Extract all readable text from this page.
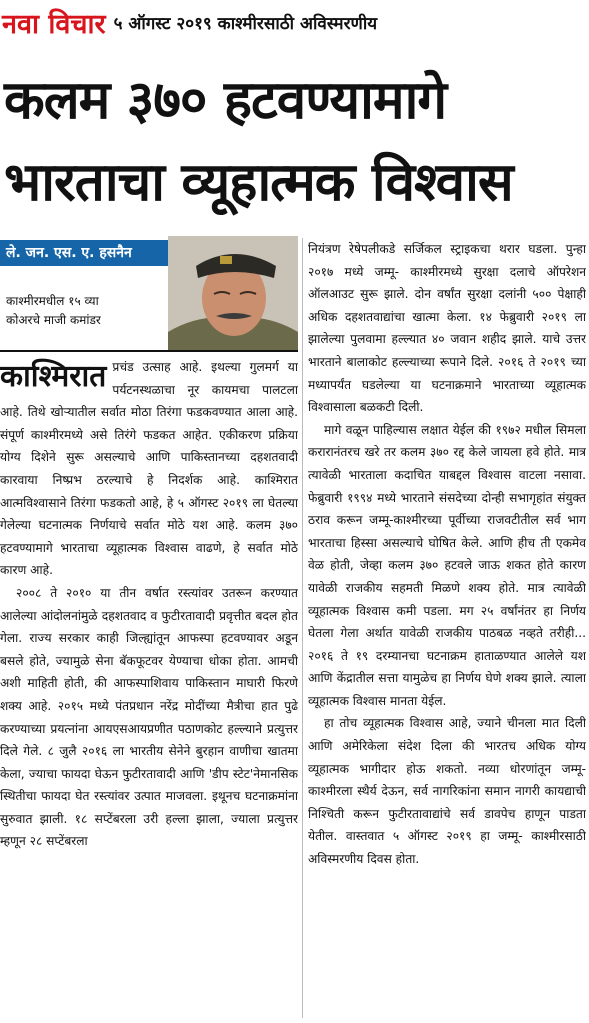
नवा विचार ५ ऑगस्ट २०१९ काश्मीरसाठी अविस्मरणीय
कलम ३७० हटवण्यामागे
भारताचा व्यूहात्मक विश्वास
ले. जन. एस. ए. हसनैन
काश्मीरमधील १५ व्या
कोअरचे माजी कमांडर

काश्मिरात प्रचंड उत्साह आहे. इथल्या गुलमर्ग या पर्यटनस्थळाचा नूर कायमचा पालटला आहे. तिथे खोऱ्यातील सर्वात मोठा तिरंगा फडकवण्यात आला आहे. संपूर्ण काश्मीरमध्ये असे तिरंगे फडकत आहेत. एकीकरण प्रक्रिया योग्य दिशेने सुरू असल्याचे आणि पाकिस्तानच्या दहशतवादी कारवाया निष्प्रभ ठरल्याचे हे निदर्शक आहे. काश्मिरात आत्मविश्वासाने तिरंगा फडकतो आहे, हे ५ ऑगस्ट २०१९ ला घेतल्या गेलेल्या घटनात्मक निर्णयाचे सर्वात मोठे यश आहे. कलम ३७० हटवण्यामागे भारताचा व्यूहात्मक विश्वास वाढणे, हे सर्वात मोठे कारण आहे.

२००८ ते २०१० या तीन वर्षात रस्त्यांवर उतरून करण्यात आलेल्या आंदोलनांमुळे दहशतवाद व फुटीरतावादी प्रवृत्तीत बदल होत गेला. राज्य सरकार काही जिल्ह्यांतून आफस्पा हटवण्यावर अडून बसले होते, ज्यामुळे सेना बॅकफूटवर येण्याचा धोका होता. आमची अशी माहिती होती, की आफस्पाशिवाय पाकिस्तान माघारी फिरणे शक्य आहे. २०१५ मध्ये पंतप्रधान नरेंद्र मोदींच्या मैत्रीचा हात पुढे करण्याच्या प्रयत्नांना आयएसआयप्रणीत पठाणकोट हल्ल्याने प्रत्युत्तर दिले गेले. ८ जुलै २०१६ ला भारतीय सेनेने बुरहान वाणीचा खातमा केला, ज्याचा फायदा घेऊन फुटीरतावादी आणि 'डीप स्टेट'नेमानसिक स्थितीचा फायदा घेत रस्त्यांवर उत्पात माजवला. इथूनच घटनाक्रमांना सुरुवात झाली. १८ सप्टेंबरला उरी हल्ला झाला, ज्याला प्रत्युत्तर म्हणून २८ सप्टेंबरला

नियंत्रण रेषेपलीकडे सर्जिकल स्ट्राइकचा थरार घडला. पुन्हा २०१७ मध्ये जम्मू- काश्मीरमध्ये सुरक्षा दलाचे ऑपरेशन ऑलआउट सुरू झाले. दोन वर्षांत सुरक्षा दलांनी ५०० पेक्षाही अधिक दहशतवाद्यांचा खात्मा केला. १४ फेब्रुवारी २०१९ ला झालेल्या पुलवामा हल्ल्यात ४० जवान शहीद झाले. याचे उत्तर भारताने बालाकोट हल्ल्याच्या रूपाने दिले. २०१६ ते २०१९ च्या मध्यापर्यंत घडलेल्या या घटनाक्रमाने भारताच्या व्यूहात्मक विश्वासाला बळकटी दिली.

मागे वळून पाहिल्यास लक्षात येईल की १९७२ मधील सिमला करारानंतरच खरे तर कलम ३७० रद्द केले जायला हवे होते. मात्र त्यावेळी भारताला कदाचित याबद्दल विश्वास वाटला नसावा. फेब्रुवारी १९९४ मध्ये भारताने संसदेच्या दोन्ही सभागृहांत संयुक्त ठराव करून जम्मू-काश्मीरच्या पूर्वीच्या राजवटीतील सर्व भाग भारताचा हिस्सा असल्याचे घोषित केले. आणि हीच ती एकमेव वेळ होती, जेव्हा कलम ३७० हटवले जाऊ शकत होते कारण यावेळी राजकीय सहमती मिळणे शक्य होते. मात्र त्यावेळी व्यूहात्मक विश्वास कमी पडला. मग २५ वर्षांनंतर हा निर्णय घेतला गेला अर्थात यावेळी राजकीय पाठबळ नव्हते तरीही... २०१६ ते १९ दरम्यानचा घटनाक्रम हाताळण्यात आलेले यश आणि केंद्रातील सत्ता यामुळेच हा निर्णय घेणे शक्य झाले. त्याला व्यूहात्मक विश्वास मानता येईल.

हा तोच व्यूहात्मक विश्वास आहे, ज्याने चीनला मात दिली आणि अमेरिकेला संदेश दिला की भारतच अधिक योग्य व्यूहात्मक भागीदार होऊ शकतो. नव्या धोरणांतून जम्मू-काश्मीरला स्थैर्य देऊन, सर्व नागरिकांना समान नागरी कायद्याची निश्चिती करून फुटीरतावाद्यांचे सर्व डावपेच हाणून पाडता येतील. वास्तवात ५ ऑगस्ट २०१९ हा जम्मू- काश्मीरसाठी अविस्मरणीय दिवस होता.
